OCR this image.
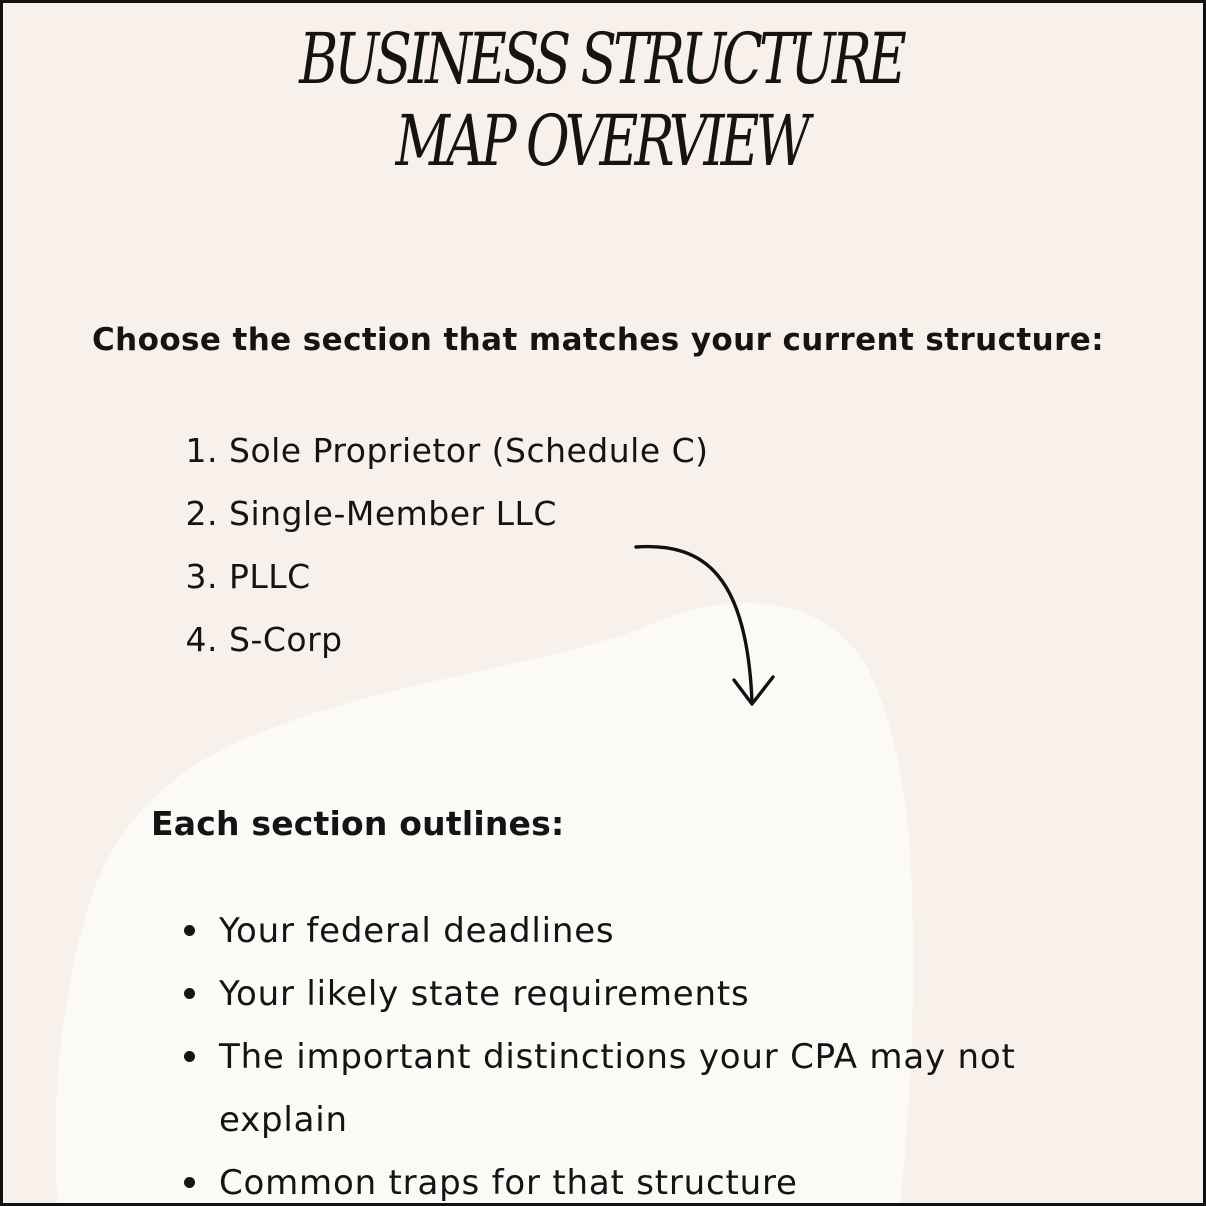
BUSINESS STRUCTURE
MAP OVERVIEW

Choose the section that matches your current structure:

1. Sole Proprietor (Schedule C)
2. Single-Member LLC
3. PLLC
4. S-Corp
Each section outlines:
Your federal deadlines
Your likely state requirements
The important distinctions your CPA may not explain
Common traps for that structure
